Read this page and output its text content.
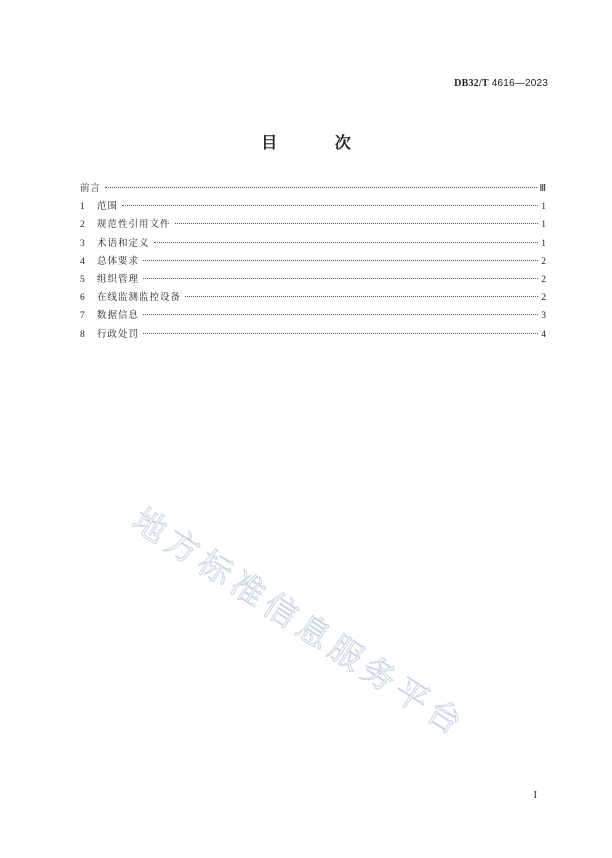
DB32/T 4616—2023
目 次
前言	Ⅲ
1	范围	1
2	规范性引用文件	1
3	术语和定义	1
4	总体要求	2
5	组织管理	2
6	在线监测监控设备	2
7	数据信息	3
8	行政处罚	4
地方标准信息服务平台
I
